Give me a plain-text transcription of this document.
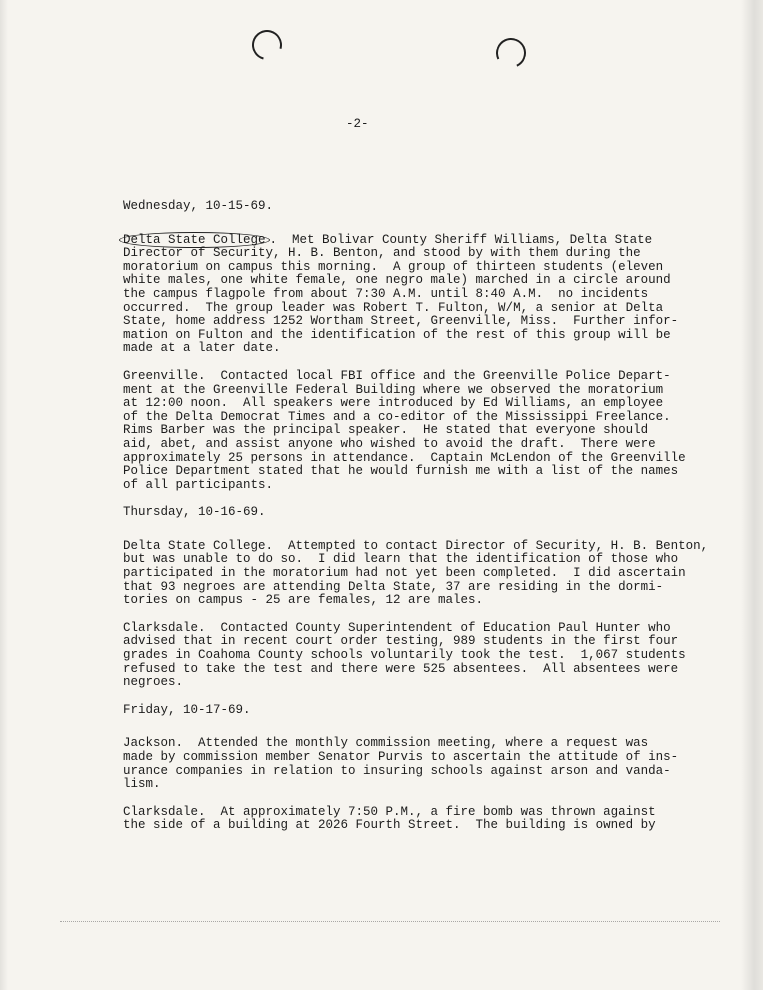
-2-
Wednesday, 10-15-69.
Delta State College .  Met Bolivar County Sheriff Williams, Delta State
Director of Security, H. B. Benton, and stood by with them during the
moratorium on campus this morning.  A group of thirteen students (eleven
white males, one white female, one negro male) marched in a circle around
the campus flagpole from about 7:30 A.M. until 8:40 A.M.  no incidents
occurred.  The group leader was Robert T. Fulton, W/M, a senior at Delta
State, home address 1252 Wortham Street, Greenville, Miss.  Further infor-
mation on Fulton and the identification of the rest of this group will be
made at a later date.
Greenville.  Contacted local FBI office and the Greenville Police Depart-
ment at the Greenville Federal Building where we observed the moratorium
at 12:00 noon.  All speakers were introduced by Ed Williams, an employee
of the Delta Democrat Times and a co-editor of the Mississippi Freelance.
Rims Barber was the principal speaker.  He stated that everyone should
aid, abet, and assist anyone who wished to avoid the draft.  There were
approximately 25 persons in attendance.  Captain McLendon of the Greenville
Police Department stated that he would furnish me with a list of the names
of all participants.
Thursday, 10-16-69.
Delta State College.  Attempted to contact Director of Security, H. B. Benton,
but was unable to do so.  I did learn that the identification of those who
participated in the moratorium had not yet been completed.  I did ascertain
that 93 negroes are attending Delta State, 37 are residing in the dormi-
tories on campus - 25 are females, 12 are males.
Clarksdale.  Contacted County Superintendent of Education Paul Hunter who
advised that in recent court order testing, 989 students in the first four
grades in Coahoma County schools voluntarily took the test.  1,067 students
refused to take the test and there were 525 absentees.  All absentees were
negroes.
Friday, 10-17-69.
Jackson.  Attended the monthly commission meeting, where a request was
made by commission member Senator Purvis to ascertain the attitude of ins-
urance companies in relation to insuring schools against arson and vanda-
lism.
Clarksdale.  At approximately 7:50 P.M., a fire bomb was thrown against
the side of a building at 2026 Fourth Street.  The building is owned by
